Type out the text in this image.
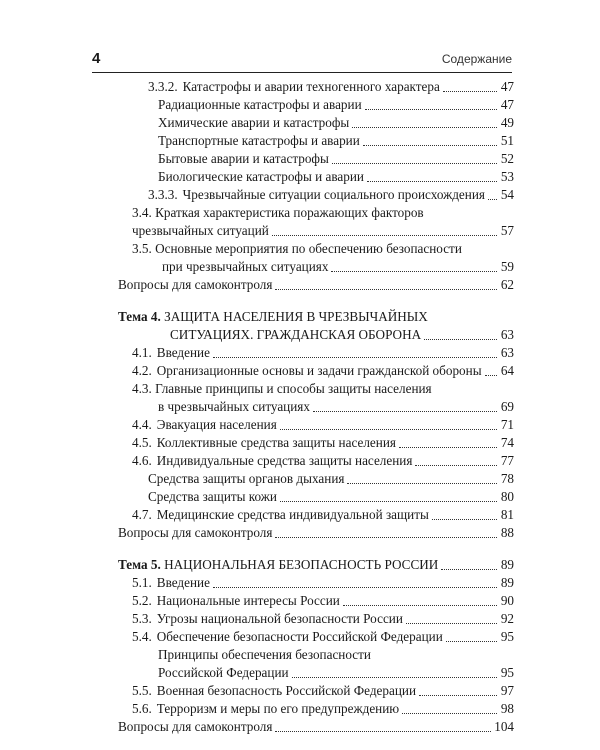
4	Содержание
3.3.2. Катастрофы и аварии техногенного характера	47
Радиационные катастрофы и аварии	47
Химические аварии и катастрофы	49
Транспортные катастрофы и аварии	51
Бытовые аварии и катастрофы	52
Биологические катастрофы и аварии	53
3.3.3. Чрезвычайные ситуации социального происхождения 54
3.4. Краткая характеристика поражающих факторов
чрезвычайных ситуаций	57
3.5. Основные мероприятия по обеспечению безопасности
при чрезвычайных ситуациях	59
Вопросы для самоконтроля	62
Тема 4. ЗАЩИТА НАСЕЛЕНИЯ В ЧРЕЗВЫЧАЙНЫХ
СИТУАЦИЯХ. ГРАЖДАНСКАЯ ОБОРОНА	63
4.1. Введение	63
4.2. Организационные основы и задачи гражданской обороны 64
4.3. Главные принципы и способы защиты населения
в чрезвычайных ситуациях	69
4.4. Эвакуация населения	71
4.5. Коллективные средства защиты населения	74
4.6. Индивидуальные средства защиты населения	77
Средства защиты органов дыхания	78
Средства защиты кожи	80
4.7. Медицинские средства индивидуальной защиты	81
Вопросы для самоконтроля	88
Тема 5.
НАЦИОНАЛЬНАЯ БЕЗОПАСНОСТЬ РОССИИ	89
5.1. Введение	89
5.2. Национальные интересы России	90
5.3. Угрозы национальной безопасности России	92
5.4. Обеспечение безопасности Российской Федерации	95
Принципы обеспечения безопасности
Российской Федерации	95
5.5. Военная безопасность Российской Федерации	97
5.6. Терроризм и меры по его предупреждению	98
Вопросы для самоконтроля	104
